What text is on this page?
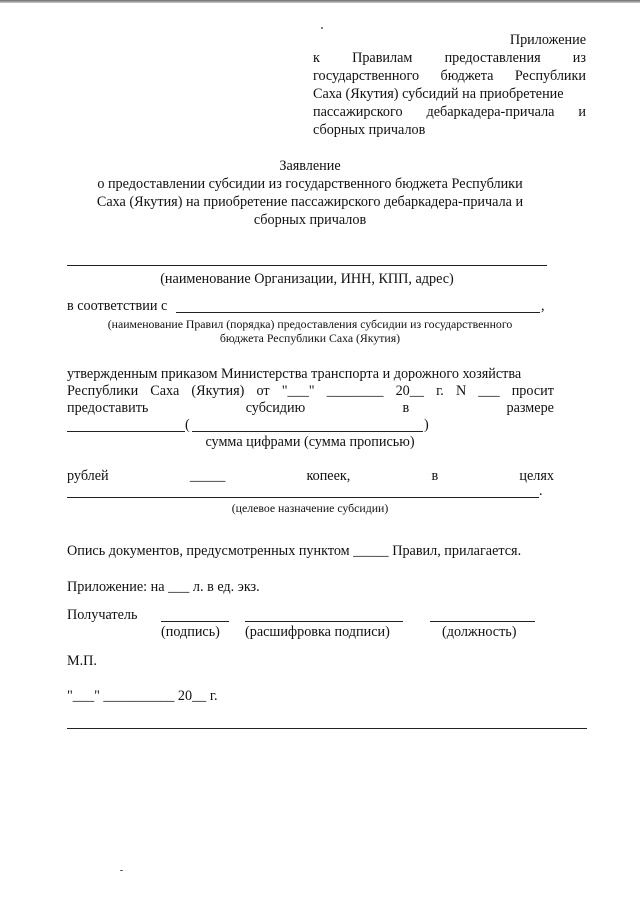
Приложение
к Правилам предоставления из
государственного бюджета Республики
Саха (Якутия) субсидий на приобретение
пассажирского дебаркадера-причала и
сборных причалов
Заявление
о предоставлении субсидии из государственного бюджета Республики
Саха (Якутия) на приобретение пассажирского дебаркадера-причала и
сборных причалов
(наименование Организации, ИНН, КПП, адрес)
в соответствии с	,
(наименование Правил (порядка) предоставления субсидии из государственного
бюджета Республики Саха (Якутия)
утвержденным приказом Министерства транспорта и дорожного хозяйства
Республики Саха (Якутия) от "___" ________ 20__ г. N ___ просит
предоставить	субсидию	в	размере
(	)
сумма цифрами (сумма прописью)
рублей	_____	копеек,	в	целях
.
(целевое назначение субсидии)
Опись документов, предусмотренных пунктом _____ Правил, прилагается.
Приложение: на ___ л. в ед. экз.
Получатель
(подпись) (расшифровка подписи)	(должность)
М.П.
"___" __________ 20__ г.
